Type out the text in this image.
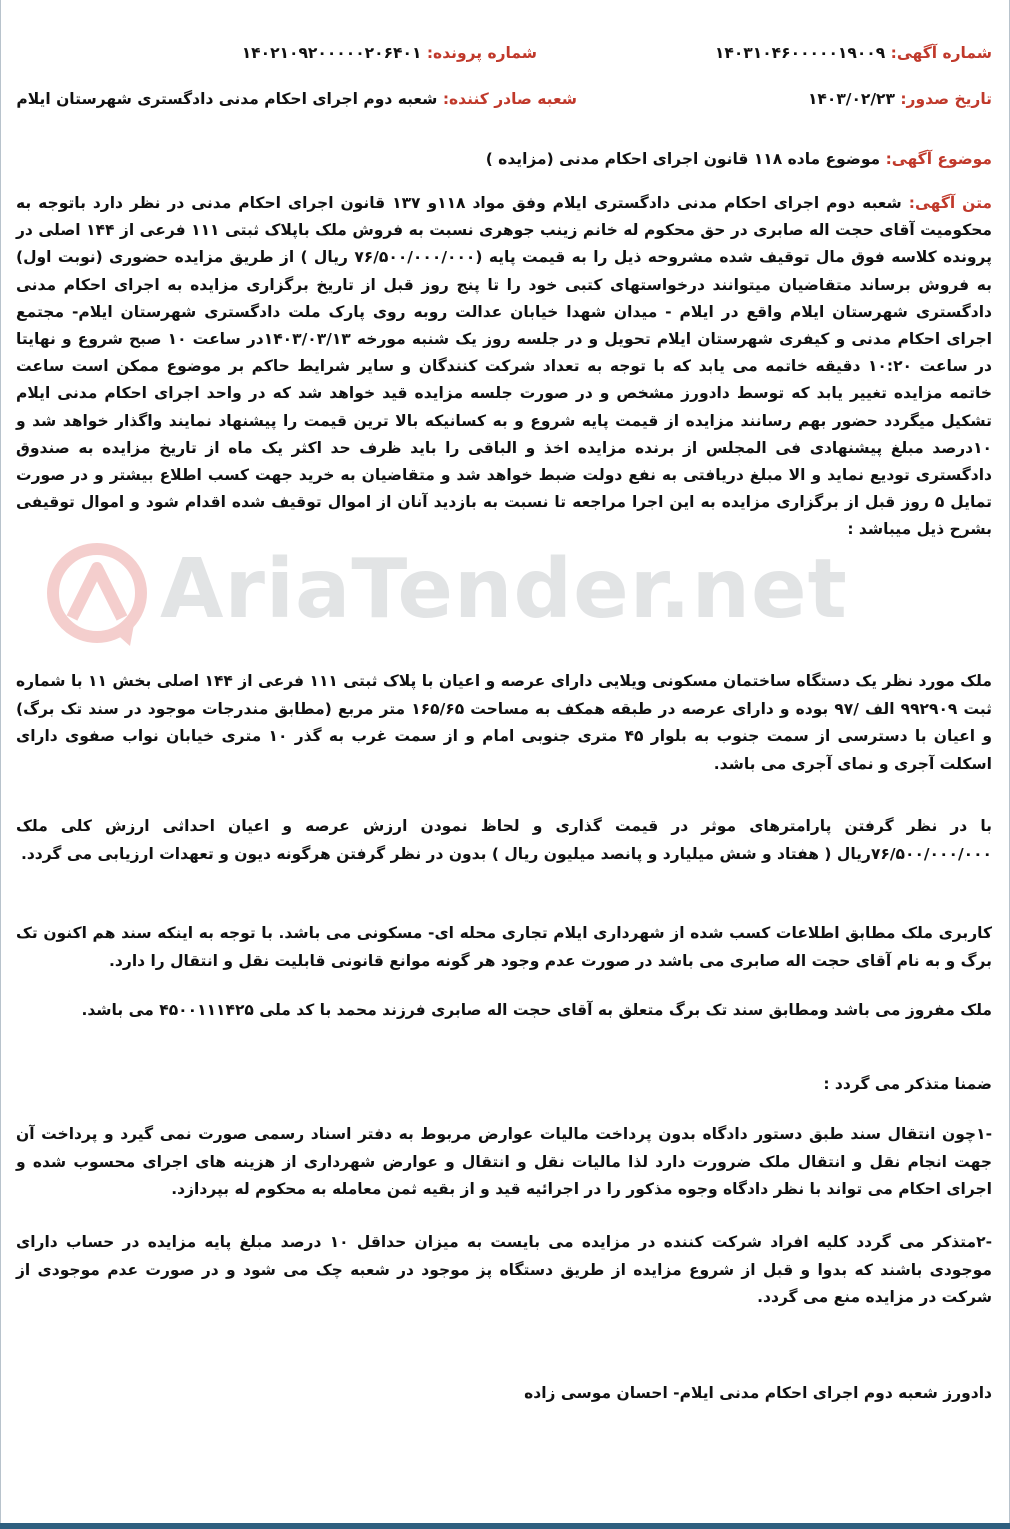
شماره آگهی: ۱۴۰۳۱۰۴۶۰۰۰۰۰۱۹۰۰۹
شماره پرونده: ۱۴۰۲۱۰۹۲۰۰۰۰۰۲۰۶۴۰۱
تاریخ صدور: ۱۴۰۳/۰۲/۲۳
شعبه صادر کننده: شعبه دوم اجرای احکام مدنی دادگستری شهرستان ایلام
موضوع آگهی: موضوع ماده ۱۱۸ قانون اجرای احکام مدنی (مزایده )
AriaTender.net

متن آگهی: شعبه دوم اجرای احکام مدنی دادگستری ایلام وفق مواد ۱۱۸و ۱۳۷ قانون اجرای احکام مدنی در نظر دارد باتوجه به محکومیت آقای حجت اله صابری در حق محکوم له خانم زینب جوهری نسبت به فروش ملک باپلاک ثبتی ۱۱۱ فرعی از ۱۴۴ اصلی در پرونده کلاسه فوق مال توقیف شده مشروحه ذیل را به قیمت پایه (۷۶/۵۰۰/۰۰۰/۰۰۰ ریال ) از طریق مزایده حضوری (نوبت اول) به فروش برساند متقاضیان میتوانند درخواستهای کتبی خود را تا پنج روز قبل از تاریخ برگزاری مزایده به اجرای احکام مدنی دادگستری شهرستان ایلام واقع در ایلام - میدان شهدا خیابان عدالت روبه روی پارک ملت دادگستری شهرستان ایلام- مجتمع اجرای احکام مدنی و کیفری شهرستان ایلام تحویل و در جلسه روز یک شنبه مورخه ۱۴۰۳/۰۳/۱۳در ساعت ۱۰ صبح شروع و نهایتا در ساعت ۱۰:۲۰ دقیقه خاتمه می یابد که با توجه به تعداد شرکت کنندگان و سایر شرایط حاکم بر موضوع ممکن است ساعت خاتمه مزایده تغییر یابد که توسط دادورز مشخص و در صورت جلسه مزایده قید خواهد شد که در واحد اجرای احکام مدنی ایلام تشکیل میگردد حضور بهم رسانند مزایده از قیمت پایه شروع و به کسانیکه بالا ترین قیمت را پیشنهاد نمایند واگذار خواهد شد و ۱۰درصد مبلغ پیشنهادی فی المجلس از برنده مزایده اخذ و الباقی را باید ظرف حد اکثر یک ماه از تاریخ مزایده به صندوق دادگستری تودیع نماید و الا مبلغ دریافتی به نفع دولت ضبط خواهد شد و متقاضیان به خرید جهت کسب اطلاع بیشتر و در صورت تمایل ۵ روز قبل از برگزاری مزایده به این اجرا مراجعه تا نسبت به بازدید آنان از اموال توقیف شده اقدام شود و اموال توقیفی بشرح ذیل میباشد :

ملک مورد نظر یک دستگاه ساختمان مسکونی ویلایی دارای عرصه و اعیان با پلاک ثبتی ۱۱۱ فرعی از ۱۴۴ اصلی بخش ۱۱ با شماره ثبت ۹۹۲۹۰۹ الف /۹۷ بوده و دارای عرصه در طبقه همکف به مساحت ۱۶۵/۶۵ متر مربع (مطابق مندرجات موجود در سند تک برگ) و اعیان با دسترسی از سمت جنوب به بلوار ۴۵ متری جنوبی امام و از سمت غرب به گذر ۱۰ متری خیابان نواب صفوی دارای اسکلت آجری و نمای آجری می باشد.

با در نظر گرفتن پارامترهای موثر در قیمت گذاری و لحاظ نمودن ارزش عرصه و اعیان احداثی ارزش کلی ملک ۷۶/۵۰۰/۰۰۰/۰۰۰ریال ( هفتاد و شش میلیارد و پانصد میلیون ریال ) بدون در نظر گرفتن هرگونه دیون و تعهدات ارزیابی می گردد.

کاربری ملک مطابق اطلاعات کسب شده از شهرداری ایلام تجاری محله ای- مسکونی می باشد. با توجه به اینکه سند هم اکنون تک برگ و به نام آقای حجت اله صابری می باشد در صورت عدم وجود هر گونه موانع قانونی قابلیت نقل و انتقال را دارد.

ملک مفروز می باشد ومطابق سند تک برگ متعلق به آقای حجت اله صابری فرزند محمد با کد ملی ۴۵۰۰۱۱۱۴۲۵ می باشد.

ضمنا متذکر می گردد :

-۱چون انتقال سند طبق دستور دادگاه بدون پرداخت مالیات عوارض مربوط به دفتر اسناد رسمی صورت نمی گیرد و پرداخت آن جهت انجام نقل و انتقال ملک ضرورت دارد لذا مالیات نقل و انتقال و عوارض شهرداری از هزینه های اجرای محسوب شده و اجرای احکام می تواند با نظر دادگاه وجوه مذکور را در اجرائیه قید و از بقیه ثمن معامله به محکوم له بپردازد.

-۲متذکر می گردد کلیه افراد شرکت کننده در مزایده می بایست به میزان حداقل ۱۰ درصد مبلغ پایه مزایده در حساب دارای موجودی باشند که بدوا و قبل از شروع مزایده از طریق دستگاه پز موجود در شعبه چک می شود و در صورت عدم موجودی از شرکت در مزایده منع می گردد.

دادورز شعبه دوم اجرای احکام مدنی ایلام- احسان موسی زاده
